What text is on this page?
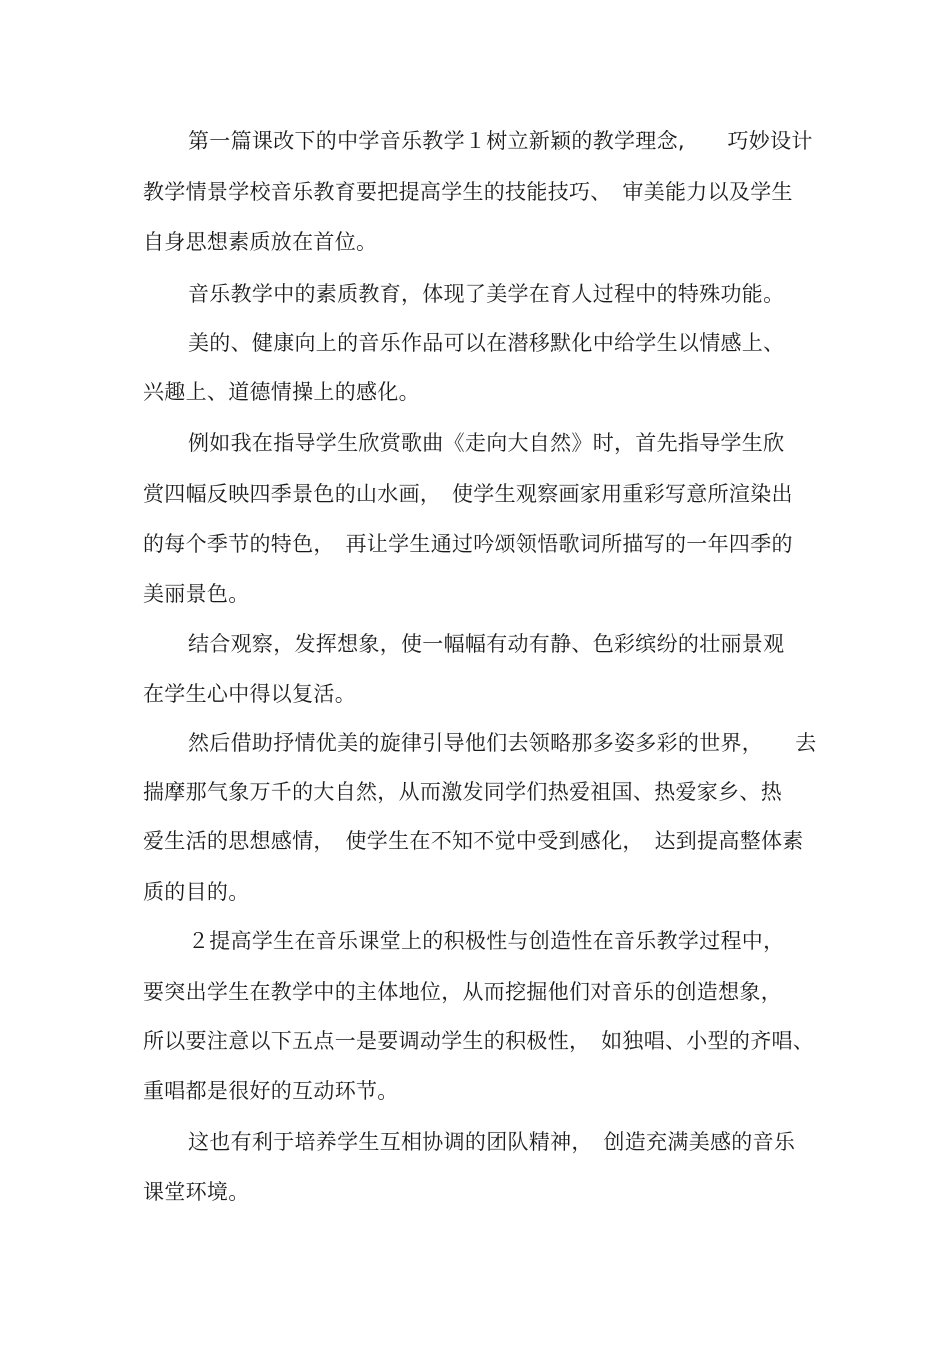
第一篇课改下的中学音乐教学１树立新颖的教学理念,　　巧妙设计
教学情景学校音乐教育要把提高学生的技能技巧、　审美能力以及学生
自身思想素质放在首位。
音乐教学中的素质教育，体现了美学在育人过程中的特殊功能。
美的、健康向上的音乐作品可以在潜移默化中给学生以情感上、
兴趣上、道德情操上的感化。
例如我在指导学生欣赏歌曲《走向大自然》时，首先指导学生欣
赏四幅反映四季景色的山水画，　使学生观察画家用重彩写意所渲染出
的每个季节的特色，　再让学生通过吟颂领悟歌词所描写的一年四季的
美丽景色。
结合观察，发挥想象，使一幅幅有动有静、色彩缤纷的壮丽景观
在学生心中得以复活。
然后借助抒情优美的旋律引导他们去领略那多姿多彩的世界，　　去
揣摩那气象万千的大自然，从而激发同学们热爱祖国、热爱家乡、热
爱生活的思想感情，　使学生在不知不觉中受到感化，　达到提高整体素
质的目的。
２提高学生在音乐课堂上的积极性与创造性在音乐教学过程中，
要突出学生在教学中的主体地位，从而挖掘他们对音乐的创造想象，
所以要注意以下五点一是要调动学生的积极性，　如独唱、小型的齐唱、
重唱都是很好的互动环节。
这也有利于培养学生互相协调的团队精神，　创造充满美感的音乐
课堂环境。
